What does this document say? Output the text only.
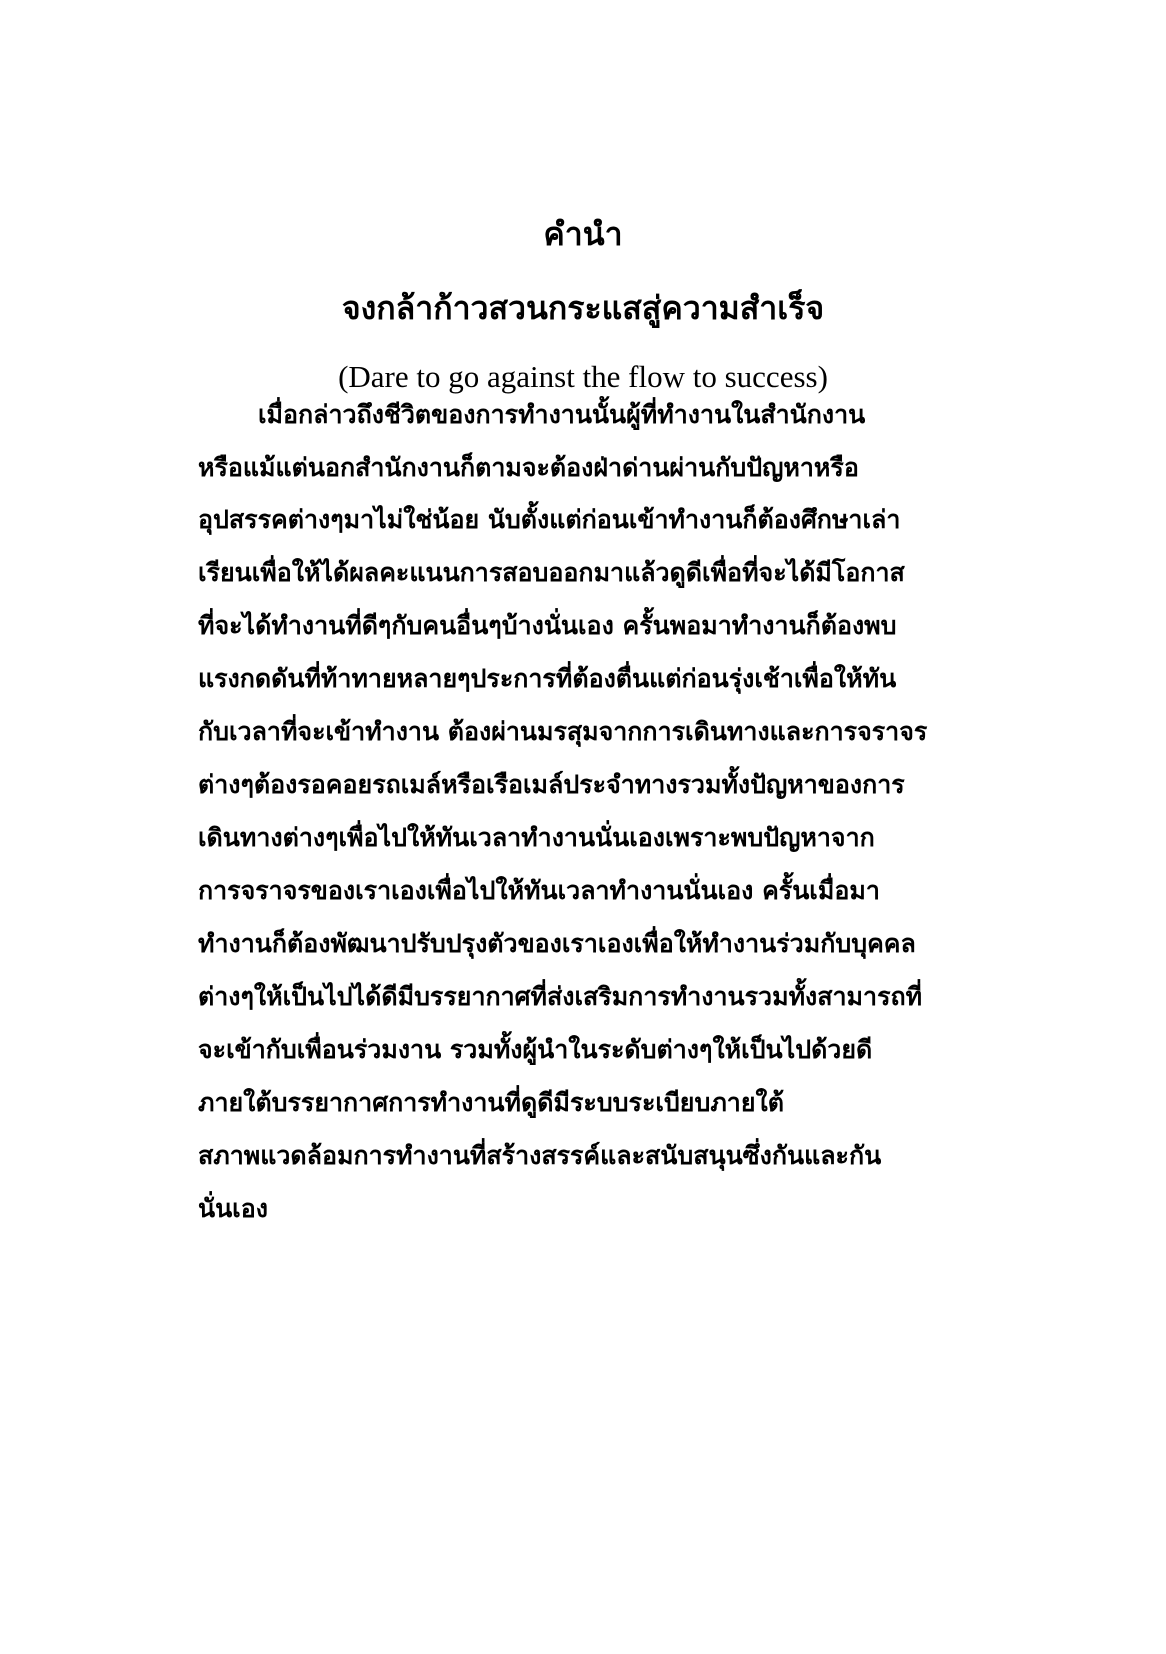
คำนำ
จงกล้าก้าวสวนกระแสสู่ความสำเร็จ
(Dare to go against the flow to success)
เมื่อกล่าวถึงชีวิตของการทำงานนั้นผู้ที่ทำงานในสำนักงาน
หรือแม้แต่นอกสำนักงานก็ตามจะต้องฝ่าด่านผ่านกับปัญหาหรือ
อุปสรรคต่างๆมาไม่ใช่น้อย นับตั้งแต่ก่อนเข้าทำงานก็ต้องศึกษาเล่า
เรียนเพื่อให้ได้ผลคะแนนการสอบออกมาแล้วดูดีเพื่อที่จะได้มีโอกาส
ที่จะได้ทำงานที่ดีๆกับคนอื่นๆบ้างนั่นเอง ครั้นพอมาทำงานก็ต้องพบ
แรงกดดันที่ท้าทายหลายๆประการที่ต้องตื่นแต่ก่อนรุ่งเช้าเพื่อให้ทัน
กับเวลาที่จะเข้าทำงาน ต้องผ่านมรสุมจากการเดินทางและการจราจร
ต่างๆต้องรอคอยรถเมล์หรือเรือเมล์ประจำทางรวมทั้งปัญหาของการ
เดินทางต่างๆเพื่อไปให้ทันเวลาทำงานนั่นเองเพราะพบปัญหาจาก
การจราจรของเราเองเพื่อไปให้ทันเวลาทำงานนั่นเอง ครั้นเมื่อมา
ทำงานก็ต้องพัฒนาปรับปรุงตัวของเราเองเพื่อให้ทำงานร่วมกับบุคคล
ต่างๆให้เป็นไปได้ดีมีบรรยากาศที่ส่งเสริมการทำงานรวมทั้งสามารถที่
จะเข้ากับเพื่อนร่วมงาน รวมทั้งผู้นำในระดับต่างๆให้เป็นไปด้วยดี
ภายใต้บรรยากาศการทำงานที่ดูดีมีระบบระเบียบภายใต้
สภาพแวดล้อมการทำงานที่สร้างสรรค์และสนับสนุนซึ่งกันและกัน
นั่นเอง
